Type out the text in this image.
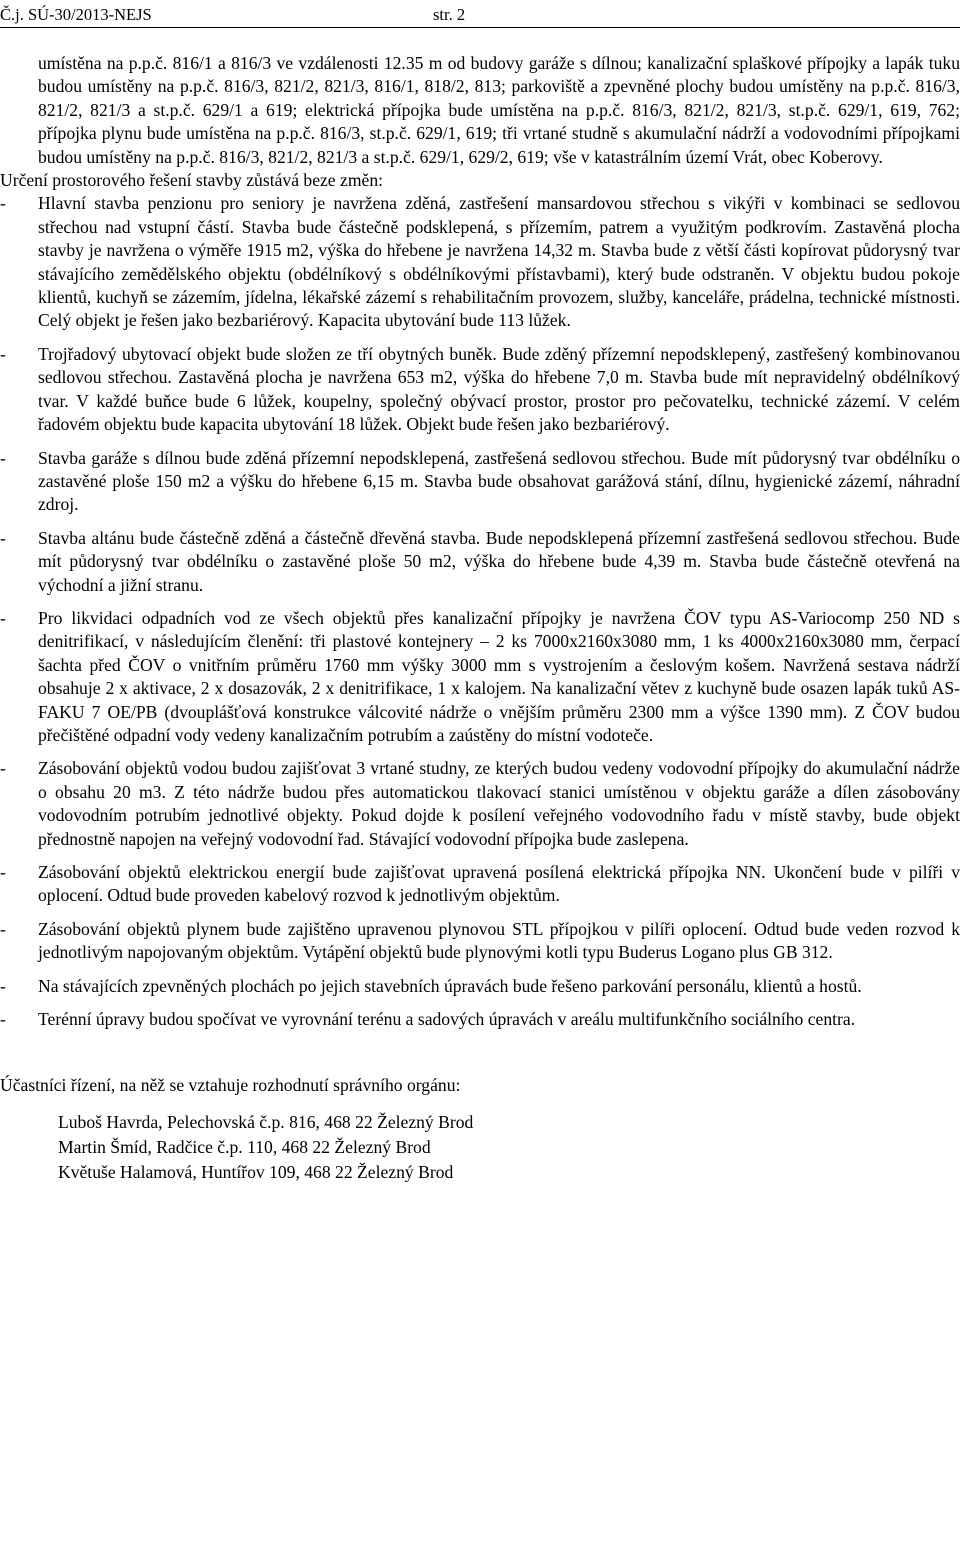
Č.j. SÚ-30/2013-NEJS	str. 2

umístěna na p.p.č. 816/1 a 816/3 ve vzdálenosti 12.35 m od budovy garáže s dílnou; kanalizační splaškové přípojky a lapák tuku budou umístěny na p.p.č. 816/3, 821/2, 821/3, 816/1, 818/2, 813; parkoviště a zpevněné plochy budou umístěny na p.p.č. 816/3, 821/2, 821/3 a st.p.č. 629/1 a 619; elektrická přípojka bude umístěna na p.p.č. 816/3, 821/2, 821/3, st.p.č. 629/1, 619, 762; přípojka plynu bude umístěna na p.p.č. 816/3, st.p.č. 629/1, 619; tři vrtané studně s akumulační nádrží a vodovodními přípojkami budou umístěny na p.p.č. 816/3, 821/2, 821/3 a st.p.č. 629/1, 629/2, 619; vše v katastrálním území Vrát, obec Koberovy.

Určení prostorového řešení stavby zůstává beze změn:

- Hlavní stavba penzionu pro seniory je navržena zděná, zastřešení mansardovou střechou s vikýři v kombinaci se sedlovou střechou nad vstupní částí. Stavba bude částečně podsklepená, s přízemím, patrem a využitým podkrovím. Zastavěná plocha stavby je navržena o výměře 1915 m2, výška do hřebene je navržena 14,32 m. Stavba bude z větší části kopírovat půdorysný tvar stávajícího zemědělského objektu (obdélníkový s obdélníkovými přístavbami), který bude odstraněn. V objektu budou pokoje klientů, kuchyň se zázemím, jídelna, lékařské zázemí s rehabilitačním provozem, služby, kanceláře, prádelna, technické místnosti. Celý objekt je řešen jako bezbariérový. Kapacita ubytování bude 113 lůžek.
- Trojřadový ubytovací objekt bude složen ze tří obytných buněk. Bude zděný přízemní nepodsklepený, zastřešený kombinovanou sedlovou střechou. Zastavěná plocha je navržena 653 m2, výška do hřebene 7,0 m. Stavba bude mít nepravidelný obdélníkový tvar. V každé buňce bude 6 lůžek, koupelny, společný obývací prostor, prostor pro pečovatelku, technické zázemí. V celém řadovém objektu bude kapacita ubytování 18 lůžek. Objekt bude řešen jako bezbariérový.
- Stavba garáže s dílnou bude zděná přízemní nepodsklepená, zastřešená sedlovou střechou. Bude mít půdorysný tvar obdélníku o zastavěné ploše 150 m2 a výšku do hřebene 6,15 m. Stavba bude obsahovat garážová stání, dílnu, hygienické zázemí, náhradní zdroj.
- Stavba altánu bude částečně zděná a částečně dřevěná stavba. Bude nepodsklepená přízemní zastřešená sedlovou střechou. Bude mít půdorysný tvar obdélníku o zastavěné ploše 50 m2, výška do hřebene bude 4,39 m. Stavba bude částečně otevřená na východní a jižní stranu.
- Pro likvidaci odpadních vod ze všech objektů přes kanalizační přípojky je navržena ČOV typu AS-Variocomp 250 ND s denitrifikací, v následujícím členění: tři plastové kontejnery – 2 ks 7000x2160x3080 mm, 1 ks 4000x2160x3080 mm, čerpací šachta před ČOV o vnitřním průměru 1760 mm výšky 3000 mm s vystrojením a česlovým košem. Navržená sestava nádrží obsahuje 2 x aktivace, 2 x dosazovák, 2 x denitrifikace, 1 x kalojem. Na kanalizační větev z kuchyně bude osazen lapák tuků AS-FAKU 7 OE/PB (dvouplášťová konstrukce válcovité nádrže o vnějším průměru 2300 mm a výšce 1390 mm). Z ČOV budou přečištěné odpadní vody vedeny kanalizačním potrubím a zaústěny do místní vodoteče.
- Zásobování objektů vodou budou zajišťovat 3 vrtané studny, ze kterých budou vedeny vodovodní přípojky do akumulační nádrže o obsahu 20 m3. Z této nádrže budou přes automatickou tlakovací stanici umístěnou v objektu garáže a dílen zásobovány vodovodním potrubím jednotlivé objekty. Pokud dojde k posílení veřejného vodovodního řadu v místě stavby, bude objekt přednostně napojen na veřejný vodovodní řad. Stávající vodovodní přípojka bude zaslepena.
- Zásobování objektů elektrickou energií bude zajišťovat upravená posílená elektrická přípojka NN. Ukončení bude v pilíři v oplocení. Odtud bude proveden kabelový rozvod k jednotlivým objektům.
- Zásobování objektů plynem bude zajištěno upravenou plynovou STL přípojkou v pilíři oplocení. Odtud bude veden rozvod k jednotlivým napojovaným objektům. Vytápění objektů bude plynovými kotli typu Buderus Logano plus GB 312.
- Na stávajících zpevněných plochách po jejich stavebních úpravách bude řešeno parkování personálu, klientů a hostů.
- Terénní úpravy budou spočívat ve vyrovnání terénu a sadových úpravách v areálu multifunkčního sociálního centra.

Účastníci řízení, na něž se vztahuje rozhodnutí správního orgánu:

Luboš Havrda, Pelechovská č.p. 816, 468 22 Železný Brod
Martin Šmíd, Radčice č.p. 110, 468 22 Železný Brod
Květuše Halamová, Huntířov 109, 468 22 Železný Brod
